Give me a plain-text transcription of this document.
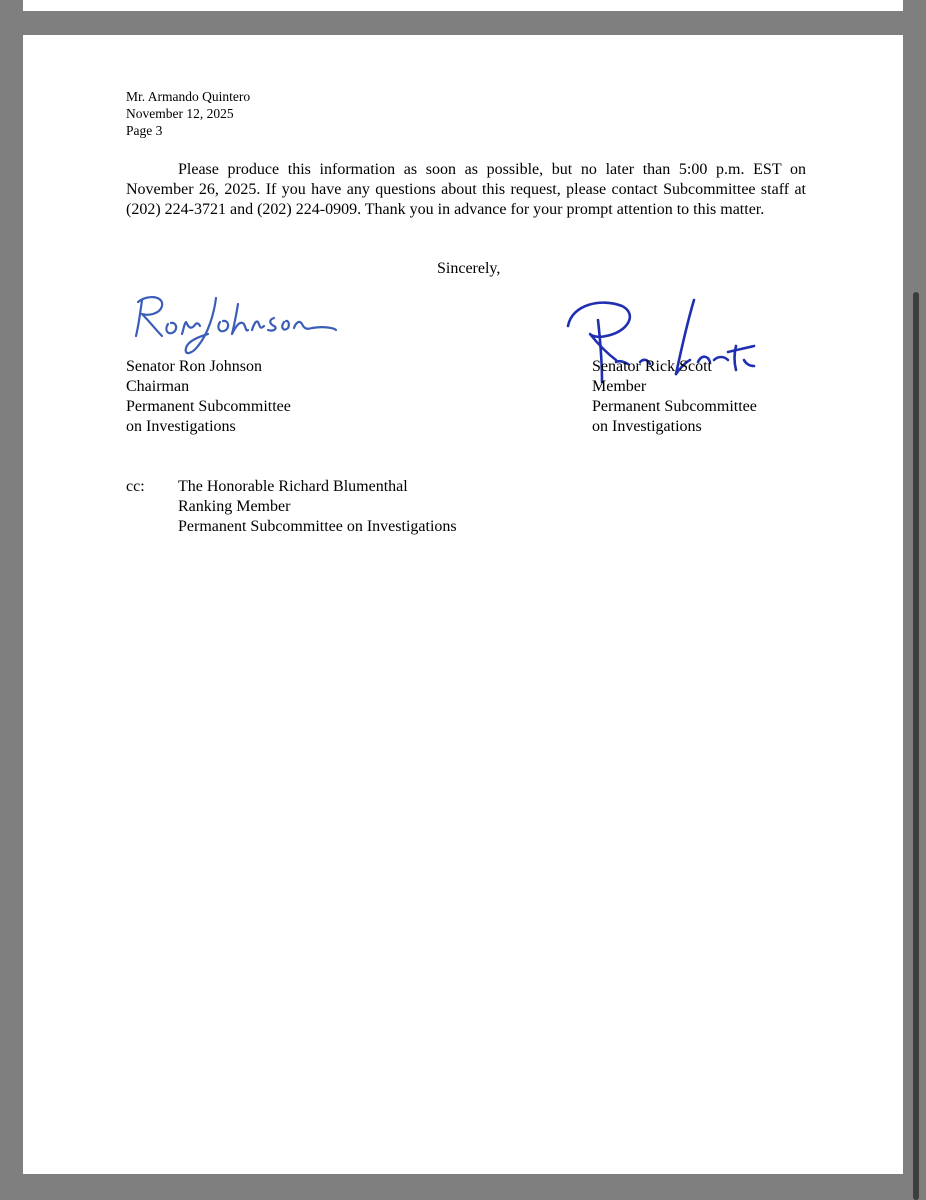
Mr. Armando Quintero
November 12, 2025
Page 3
Please produce this information as soon as possible, but no later than 5:00 p.m. EST on November 26, 2025. If you have any questions about this request, please contact Subcommittee staff at (202) 224-3721 and (202) 224-0909. Thank you in advance for your prompt attention to this matter.
Sincerely,
Senator Ron Johnson
Chairman
Permanent Subcommittee
on Investigations
Senator Rick Scott
Member
Permanent Subcommittee
on Investigations
cc: The Honorable Richard Blumenthal
Ranking Member
Permanent Subcommittee on Investigations
